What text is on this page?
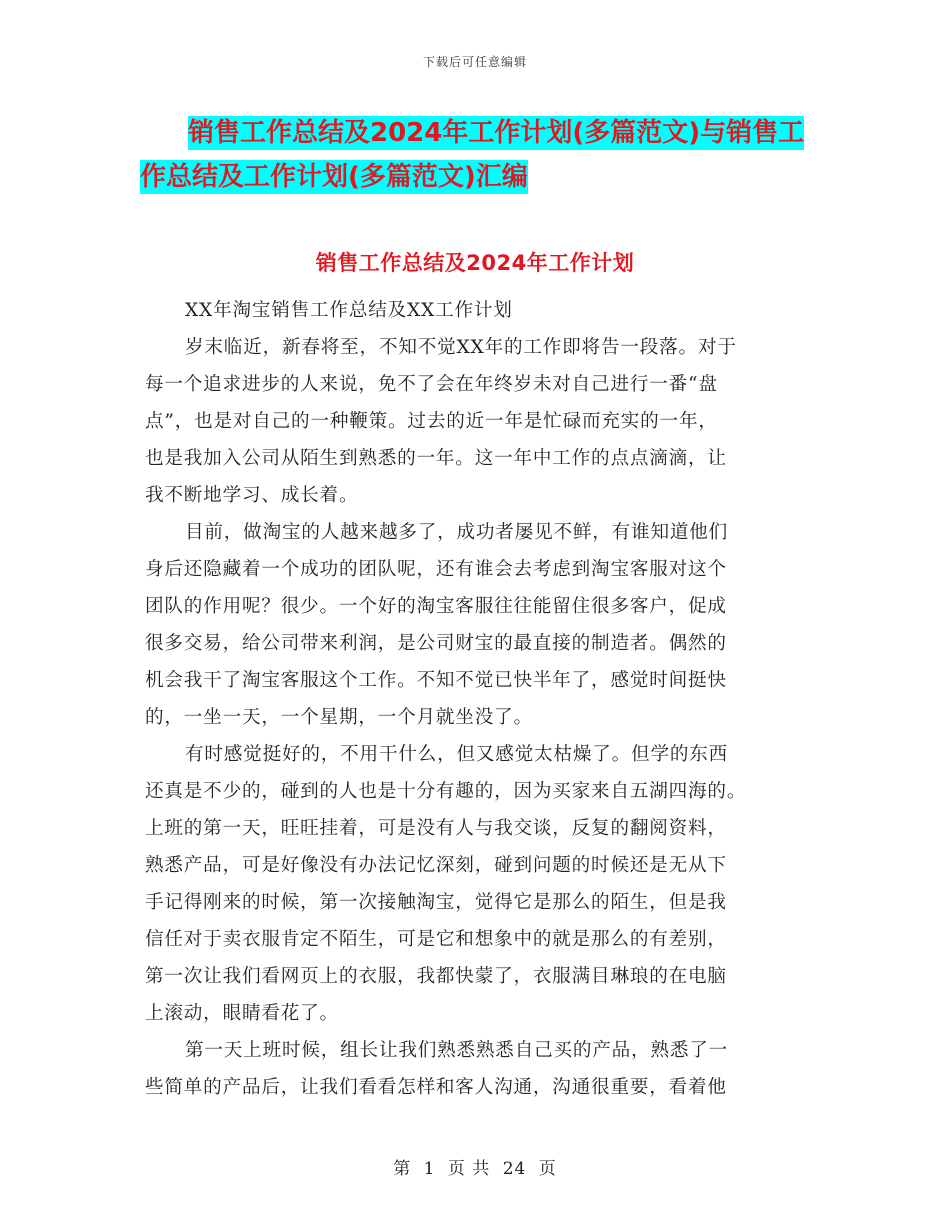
下载后可任意编辑
销售工作总结及2024年工作计划(多篇范文)与销售工
作总结及工作计划(多篇范文)汇编
销售工作总结及2024年工作计划
XX年淘宝销售工作总结及XX工作计划
岁末临近，新春将至，不知不觉XX年的工作即将告一段落。对于
每一个追求进步的人来说，免不了会在年终岁未对自己进行一番“盘
点”，也是对自己的一种鞭策。过去的近一年是忙碌而充实的一年，
也是我加入公司从陌生到熟悉的一年。这一年中工作的点点滴滴，让
我不断地学习、成长着。
目前，做淘宝的人越来越多了，成功者屡见不鲜，有谁知道他们
身后还隐藏着一个成功的团队呢，还有谁会去考虑到淘宝客服对这个
团队的作用呢？很少。一个好的淘宝客服往往能留住很多客户，促成
很多交易，给公司带来利润，是公司财宝的最直接的制造者。偶然的
机会我干了淘宝客服这个工作。不知不觉已快半年了，感觉时间挺快
的，一坐一天，一个星期，一个月就坐没了。
有时感觉挺好的，不用干什么，但又感觉太枯燥了。但学的东西
还真是不少的，碰到的人也是十分有趣的，因为买家来自五湖四海的。
上班的第一天，旺旺挂着，可是没有人与我交谈，反复的翻阅资料，
熟悉产品，可是好像没有办法记忆深刻，碰到问题的时候还是无从下
手记得刚来的时候，第一次接触淘宝，觉得它是那么的陌生，但是我
信任对于卖衣服肯定不陌生，可是它和想象中的就是那么的有差别，
第一次让我们看网页上的衣服，我都快蒙了，衣服满目琳琅的在电脑
上滚动，眼睛看花了。
第一天上班时候，组长让我们熟悉熟悉自己买的产品，熟悉了一
些简单的产品后，让我们看看怎样和客人沟通，沟通很重要，看着他
第 1 页 共 24 页
